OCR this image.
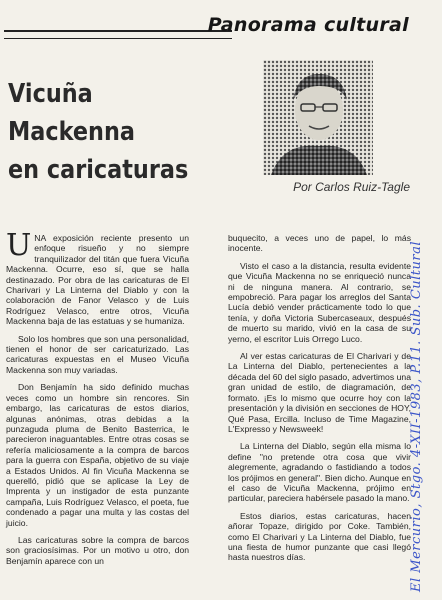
Panorama cultural
Vicuña Mackenna
en caricaturas
Por Carlos Ruiz-Tagle

UNA exposición reciente presento un enfoque risueño y no siempre tranquilizador del titán que fuera Vicuña Mackenna. Ocurre, eso sí, que se halla destinazado. Por obra de las caricaturas de El Charivari y La Linterna del Diablo y con la colaboración de Fanor Velasco y de Luis Rodríguez Velasco, entre otros, Vicuña Mackenna baja de las estatuas y se humaniza.

Solo los hombres que son una personalidad, tienen el honor de ser caricaturizado. Las caricaturas expuestas en el Museo Vicuña Mackenna son muy variadas.

Don Benjamín ha sido definido muchas veces como un hombre sin rencores. Sin embargo, las caricaturas de estos diarios, algunas anónimas, otras debidas a la punzaguda pluma de Benito Basterrica, le parecieron inaguantables. Entre otras cosas se refería maliciosamente a la compra de barcos para la guerra con España, objetivo de su viaje a Estados Unidos. Al fin Vicuña Mackenna se querelló, pidió que se aplicase la Ley de Imprenta y un instigador de esta punzante campaña, Luis Rodríguez Velasco, el poeta, fue condenado a pagar una multa y las costas del juicio.

Las caricaturas sobre la compra de barcos son graciosísimas. Por un motivo u otro, don Benjamín aparece con un

buquecito, a veces uno de papel, lo más inocente.

Visto el caso a la distancia, resulta evidente que Vicuña Mackenna no se enriqueció nunca ni de ninguna manera. Al contrario, se empobreció. Para pagar los arreglos del Santa Lucía debió vender prácticamente todo lo que tenía, y doña Victoria Subercaseaux, después de muerto su marido, vivió en la casa de su yerno, el escritor Luis Orrego Luco.

Al ver estas caricaturas de El Charivari y de La Linterna del Diablo, pertenecientes a la década del 60 del siglo pasado, advertimos una gran unidad de estilo, de diagramación, de formato. ¡Es lo mismo que ocurre hoy con la presentación y la división en secciones de HOY, Qué Pasa, Ercilla. Incluso de Time Magazine, L'Expresso y Newsweek!

La Linterna del Diablo, según ella misma lo define "no pretende otra cosa que vivir alegremente, agradando o fastidiando a todos los prójimos en general". Bien dicho. Aunque en el caso de Vicuña Mackenna, prójimo en particular, pareciera habérsele pasado la mano.

Estos diarios, estas caricaturas, hacen añorar Topaze, dirigido por Coke. También, como El Charivari y La Linterna del Diablo, fue una fiesta de humor punzante que casi llegó hasta nuestros días.	El Mercurio, Stgo. 4-XII-1983, P.11. Sub. Cultural
